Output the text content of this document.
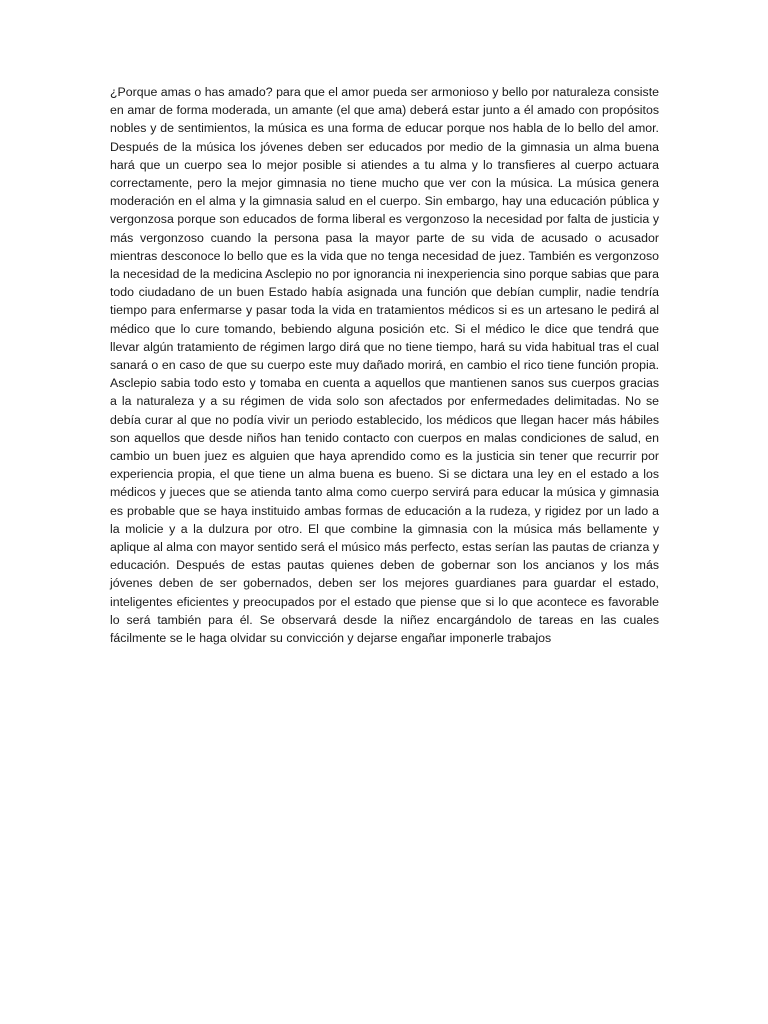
¿Porque amas o has amado? para que el amor pueda ser armonioso y bello por naturaleza consiste en amar de forma moderada, un amante (el que ama) deberá estar junto a él amado con propósitos nobles y de sentimientos, la música es una forma de educar porque nos habla de lo bello del amor. Después de la música los jóvenes deben ser educados por medio de la gimnasia un alma buena hará que un cuerpo sea lo mejor posible si atiendes a tu alma y lo transfieres al cuerpo actuara correctamente, pero la mejor gimnasia no tiene mucho que ver con la música. La música genera moderación en el alma y la gimnasia salud en el cuerpo. Sin embargo, hay una educación pública y vergonzosa porque son educados de forma liberal es vergonzoso la necesidad por falta de justicia y más vergonzoso cuando la persona pasa la mayor parte de su vida de acusado o acusador mientras desconoce lo bello que es la vida que no tenga necesidad de juez. También es vergonzoso la necesidad de la medicina Asclepio no por ignorancia ni inexperiencia sino porque sabias que para todo ciudadano de un buen Estado había asignada una función que debían cumplir, nadie tendría tiempo para enfermarse y pasar toda la vida en tratamientos médicos si es un artesano le pedirá al médico que lo cure tomando, bebiendo alguna posición etc. Si el médico le dice que tendrá que llevar algún tratamiento de régimen largo dirá que no tiene tiempo, hará su vida habitual tras el cual sanará o en caso de que su cuerpo este muy dañado morirá, en cambio el rico tiene función propia. Asclepio sabia todo esto y tomaba en cuenta a aquellos que mantienen sanos sus cuerpos gracias a la naturaleza y a su régimen de vida solo son afectados por enfermedades delimitadas. No se debía curar al que no podía vivir un periodo establecido, los médicos que llegan hacer más hábiles son aquellos que desde niños han tenido contacto con cuerpos en malas condiciones de salud, en cambio un buen juez es alguien que haya aprendido como es la justicia sin tener que recurrir por experiencia propia, el que tiene un alma buena es bueno. Si se dictara una ley en el estado a los médicos y jueces que se atienda tanto alma como cuerpo servirá para educar la música y gimnasia es probable que se haya instituido ambas formas de educación a la rudeza, y rigidez por un lado a la molicie y a la dulzura por otro. El que combine la gimnasia con la música más bellamente y aplique al alma con mayor sentido será el músico más perfecto, estas serían las pautas de crianza y educación. Después de estas pautas quienes deben de gobernar son los ancianos y los más jóvenes deben de ser gobernados, deben ser los mejores guardianes para guardar el estado, inteligentes eficientes y preocupados por el estado que piense que si lo que acontece es favorable lo será también para él. Se observará desde la niñez encargándolo de tareas en las cuales fácilmente se le haga olvidar su convicción y dejarse engañar imponerle trabajos
